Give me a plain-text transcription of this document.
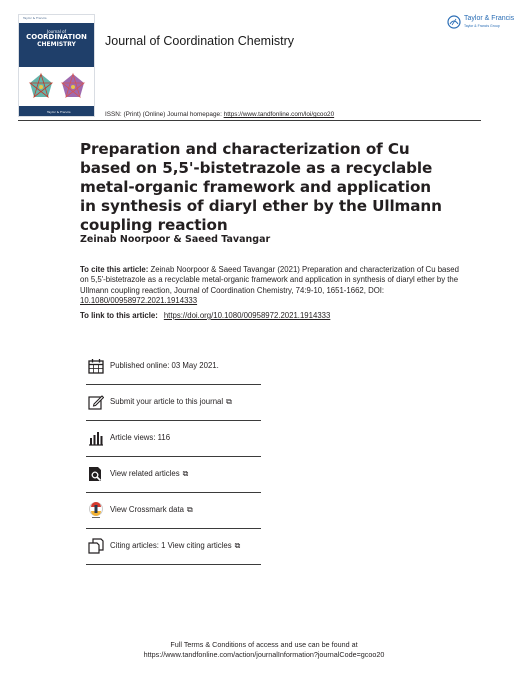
Taylor & Francis
Journal of
COORDINATION
CHEMISTRY
Taylor & Francis
Journal of Coordination Chemistry
Taylor & Francis
Taylor & Francis Group
ISSN: (Print) (Online) Journal homepage: https://www.tandfonline.com/loi/gcoo20
Preparation and characterization of Cu based on 5,5'-bistetrazole as a recyclable metal-organic framework and application in synthesis of diaryl ether by the Ullmann coupling reaction
Zeinab Noorpoor & Saeed Tavangar
To cite this article: Zeinab Noorpoor & Saeed Tavangar (2021) Preparation and characterization of Cu based on 5,5'-bistetrazole as a recyclable metal-organic framework and application in synthesis of diaryl ether by the Ullmann coupling reaction, Journal of Coordination Chemistry, 74:9-10, 1651-1662, DOI: 10.1080/00958972.2021.1914333
To link to this article: https://doi.org/10.1080/00958972.2021.1914333
Published online: 03 May 2021.
Submit your article to this journal ⧉
Article views: 116
View related articles ⧉
View Crossmark data ⧉
Citing articles: 1 View citing articles ⧉
Full Terms & Conditions of access and use can be found at
https://www.tandfonline.com/action/journalInformation?journalCode=gcoo20
